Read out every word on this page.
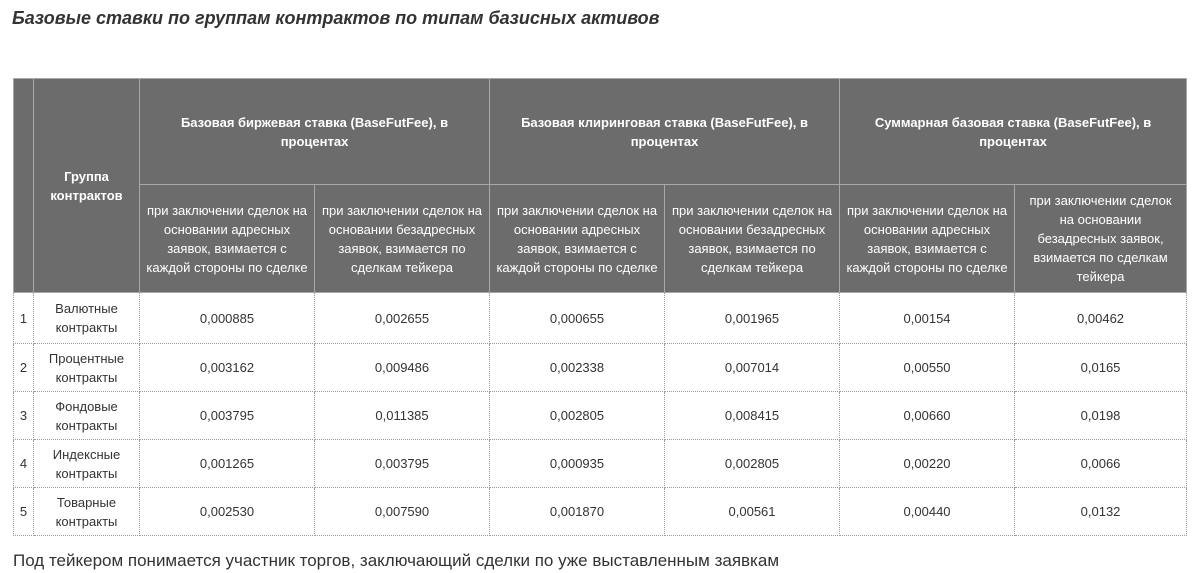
Базовые ставки по группам контрактов по типам базисных активов
	Группа контрактов	Базовая биржевая ставка (BaseFutFee), в процентах		Базовая клиринговая ставка (BaseFutFee), в процентах		Суммарная базовая ставка (BaseFutFee), в процентах	
		при заключении сделок на основании адресных заявок, взимается с каждой стороны по сделке	при заключении сделок на основании безадресных заявок, взимается по сделкам тейкера	при заключении сделок на основании адресных заявок, взимается с каждой стороны по сделке	при заключении сделок на основании безадресных заявок, взимается по сделкам тейкера	при заключении сделок на основании адресных заявок, взимается с каждой стороны по сделке	при заключении сделок на основании безадресных заявок, взимается по сделкам тейкера
1	Валютные контракты	0,000885	0,002655	0,000655	0,001965	0,00154	0,00462
2	Процентные контракты	0,003162	0,009486	0,002338	0,007014	0,00550	0,0165
3	Фондовые контракты	0,003795	0,011385	0,002805	0,008415	0,00660	0,0198
4	Индексные контракты	0,001265	0,003795	0,000935	0,002805	0,00220	0,0066
5	Товарные контракты	0,002530	0,007590	0,001870	0,00561	0,00440	0,0132

Под тейкером понимается участник торгов, заключающий сделки по уже выставленным заявкам
